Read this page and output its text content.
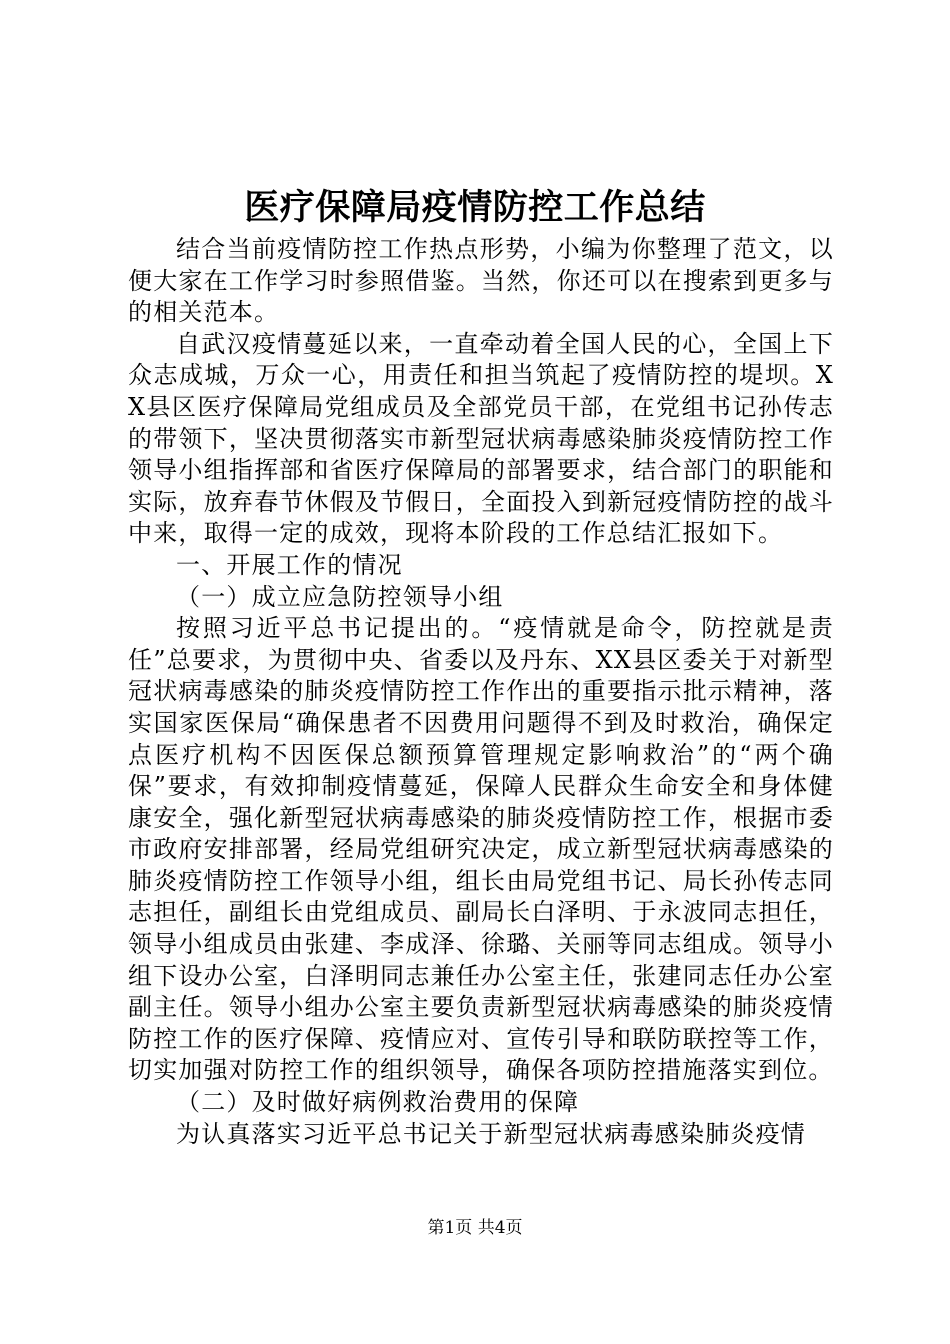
医疗保障局疫情防控工作总结

结合当前疫情防控工作热点形势，小编为你整理了范文，以便大家在工作学习时参照借鉴。当然，你还可以在搜索到更多与的相关范本。

自武汉疫情蔓延以来，一直牵动着全国人民的心，全国上下众志成城，万众一心，用责任和担当筑起了疫情防控的堤坝。XX县区医疗保障局党组成员及全部党员干部，在党组书记孙传志的带领下，坚决贯彻落实市新型冠状病毒感染肺炎疫情防控工作领导小组指挥部和省医疗保障局的部署要求，结合部门的职能和实际，放弃春节休假及节假日，全面投入到新冠疫情防控的战斗中来，取得一定的成效，现将本阶段的工作总结汇报如下。

一、开展工作的情况

（一）成立应急防控领导小组

按照习近平总书记提出的。“疫情就是命令，防控就是责任”总要求，为贯彻中央、省委以及丹东、XX县区委关于对新型冠状病毒感染的肺炎疫情防控工作作出的重要指示批示精神，落实国家医保局“确保患者不因费用问题得不到及时救治，确保定点医疗机构不因医保总额预算管理规定影响救治”的“两个确保”要求，有效抑制疫情蔓延，保障人民群众生命安全和身体健康安全，强化新型冠状病毒感染的肺炎疫情防控工作，根据市委市政府安排部署，经局党组研究决定，成立新型冠状病毒感染的肺炎疫情防控工作领导小组，组长由局党组书记、局长孙传志同志担任，副组长由党组成员、副局长白泽明、于永波同志担任，领导小组成员由张建、李成泽、徐璐、关丽等同志组成。领导小组下设办公室，白泽明同志兼任办公室主任，张建同志任办公室副主任。领导小组办公室主要负责新型冠状病毒感染的肺炎疫情防控工作的医疗保障、疫情应对、宣传引导和联防联控等工作，切实加强对防控工作的组织领导，确保各项防控措施落实到位。

（二）及时做好病例救治费用的保障

为认真落实习近平总书记关于新型冠状病毒感染肺炎疫情

第1页 共4页
